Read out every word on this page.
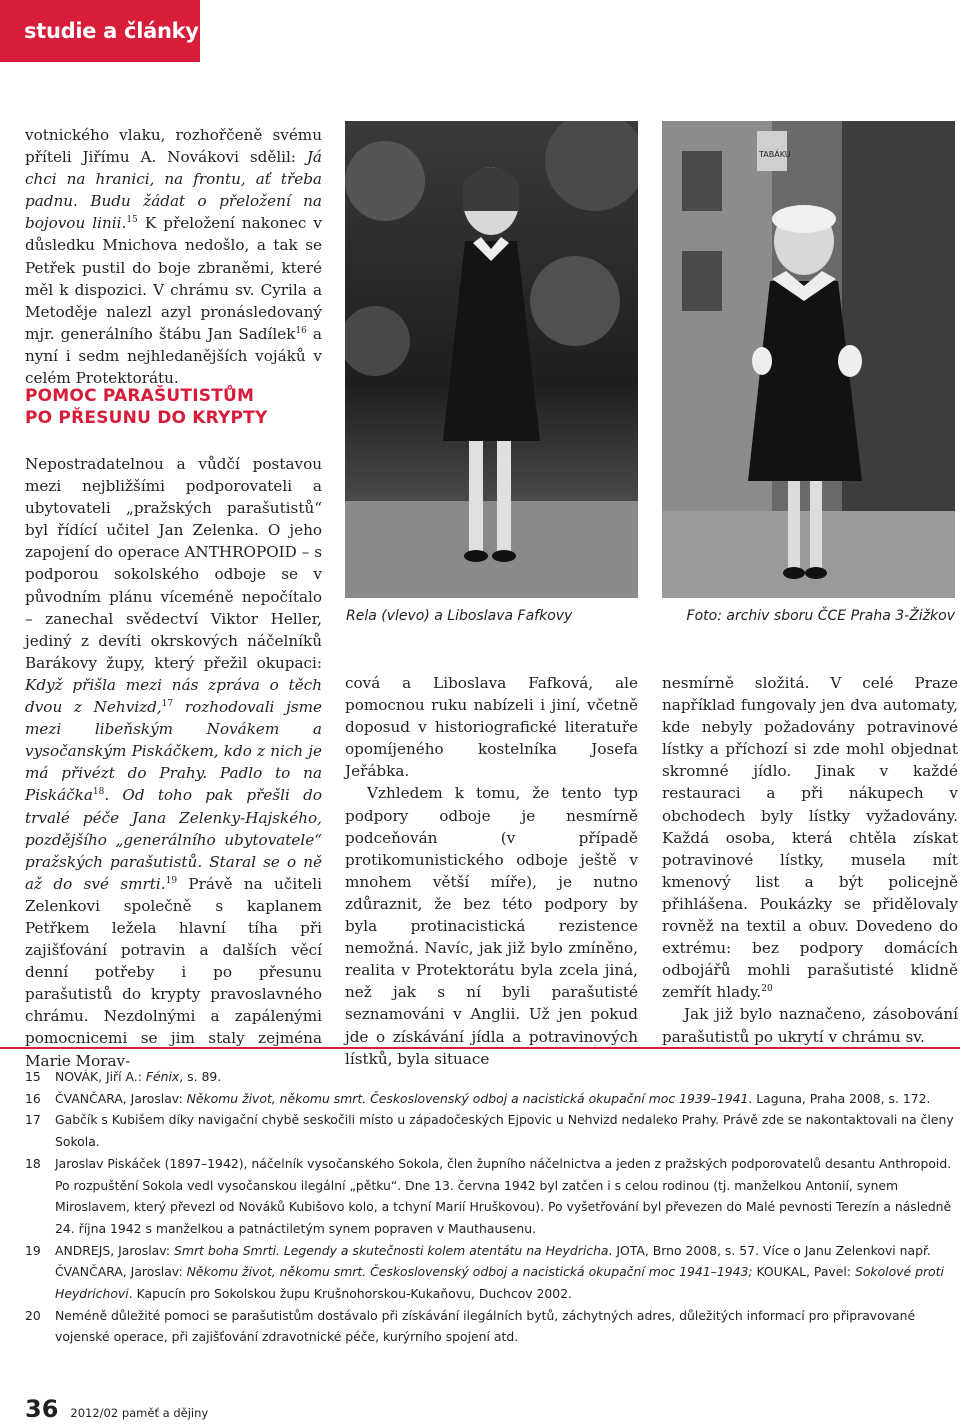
studie a články

votnického vlaku, rozhořčeně svému příteli Jiřímu A. Novákovi sdělil: Já chci na hranici, na frontu, ať třeba padnu. Budu žádat o přeložení na bojovou linii.$^{15}$ K přeložení nakonec v důsledku Mnichova nedošlo, a tak se Petřek pustil do boje zbraněmi, které měl k dispozici. V chrámu sv. Cyrila a Metoděje nalezl azyl pronásledovaný mjr. generálního štábu Jan Sadílek$^{16}$ a nyní i sedm nejhledanějších vojáků v celém Protektorátu.

POMOC PARAŠUTISTŮM
PO PŘESUNU DO KRYPTY

Nepostradatelnou a vůdčí postavou mezi nejbližšími podporovateli a ubytovateli „pražských parašutistů“ byl řídící učitel Jan Zelenka. O jeho zapojení do operace ANTHROPOID – s podporou sokolského odboje se v původním plánu víceméně nepočítalo – zanechal svědectví Viktor Heller, jediný z devíti okrskových náčelníků Barákovy župy, který přežil okupaci: Když přišla mezi nás zpráva o těch dvou z Nehvizd,$^{17}$ rozhodovali jsme mezi libeňským Novákem a vysočanským Piskáčkem, kdo z nich je má přivézt do Prahy. Padlo to na Piskáčka$^{18}$. Od toho pak přešli do trvalé péče Jana Zelenky-Hajského, pozdějšího „generálního ubytovatele“ pražských parašutistů. Staral se o ně až do své smrti.$^{19}$ Právě na učiteli Zelenkovi společně s kaplanem Petřkem ležela hlavní tíha při zajišťování potravin a dalších věcí denní potřeby i po přesunu parašutistů do krypty pravoslavného chrámu. Nezdolnými a zapálenými pomocnicemi se jim staly zejména Marie Morav-

TABÁKU
Rela (vlevo) a Liboslava Fafkovy	Foto: archiv sboru ČCE Praha 3-Žižkov

cová a Liboslava Fafková, ale pomocnou ruku nabízeli i jiní, včetně doposud v historiografické literatuře opomíjeného kostelníka Josefa Jeřábka.

Vzhledem k tomu, že tento typ podpory odboje je nesmírně podceňován (v případě protikomunistického odboje ještě v mnohem větší míře), je nutno zdůraznit, že bez této podpory by byla protinacistická rezistence nemožná. Navíc, jak již bylo zmíněno, realita v Protektorátu byla zcela jiná, než jak s ní byli parašutisté seznamováni v Anglii. Už jen pokud jde o získávání jídla a potravinových lístků, byla situace

nesmírně složitá. V celé Praze například fungovaly jen dva automaty, kde nebyly požadovány potravinové lístky a příchozí si zde mohl objednat skromné jídlo. Jinak v každé restauraci a při nákupech v obchodech byly lístky vyžadovány. Každá osoba, která chtěla získat potravinové lístky, musela mít kmenový list a být policejně přihlášena. Poukázky se přidělovaly rovněž na textil a obuv. Dovedeno do extrému: bez podpory domácích odbojářů mohli parašutisté klidně zemřít hlady.$^{20}$

Jak již bylo naznačeno, zásobování parašutistů po ukrytí v chrámu sv.

15	NOVÁK, Jiří A.: Fénix, s. 89.
16	ČVANČARA, Jaroslav: Někomu život, někomu smrt. Československý odboj a nacistická okupační moc 1939–1941. Laguna, Praha 2008, s. 172.
17	Gabčík s Kubišem díky navigační chybě seskočili místo u západočeských Ejpovic u Nehvizd nedaleko Prahy. Právě zde se nakontaktovali na členy Sokola.
18	Jaroslav Piskáček (1897–1942), náčelník vysočanského Sokola, člen župního náčelnictva a jeden z pražských podporovatelů desantu Anthropoid. Po rozpuštění Sokola vedl vysočanskou ilegální „pětku“. Dne 13. června 1942 byl zatčen i s celou rodinou (tj. manželkou Antonií, synem Miroslavem, který převezl od Nováků Kubišovo kolo, a tchyní Marií Hruškovou). Po vyšetřování byl převezen do Malé pevnosti Terezín a následně 24. října 1942 s manželkou a patnáctiletým synem popraven v Mauthausenu.
19	ANDREJS, Jaroslav: Smrt boha Smrti. Legendy a skutečnosti kolem atentátu na Heydricha. JOTA, Brno 2008, s. 57. Více o Janu Zelenkovi např. ČVANČARA, Jaroslav: Někomu život, někomu smrt. Československý odboj a nacistická okupační moc 1941–1943; KOUKAL, Pavel: Sokolové proti Heydrichovi. Kapucín pro Sokolskou župu Krušnohorskou-Kukaňovu, Duchcov 2002.
20	Neméně důležité pomoci se parašutistům dostávalo při získávání ilegálních bytů, záchytných adres, důležitých informací pro připravované vojenské operace, při zajišťování zdravotnické péče, kurýrního spojení atd.
36 2012/02 paměť a dějiny
